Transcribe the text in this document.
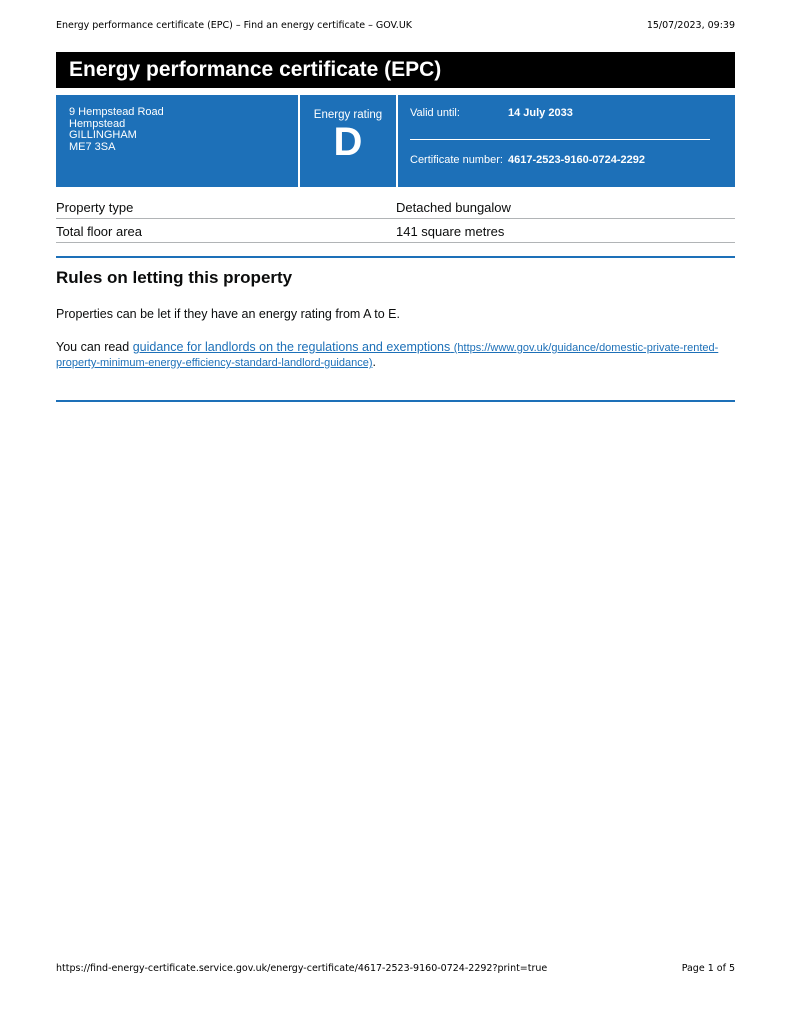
Energy performance certificate (EPC) – Find an energy certificate – GOV.UK	15/07/2023, 09:39
Energy performance certificate (EPC)
9 Hempstead Road
Hempstead
GILLINGHAM
ME7 3SA
Energy rating
D
Valid until:	14 July 2033
Certificate number: 4617-2523-9160-0724-2292
Property type	Detached bungalow
Total floor area	141 square metres
Rules on letting this property
Properties can be let if they have an energy rating from A to E.
You can read guidance for landlords on the regulations and exemptions (https://www.gov.uk/guidance/domestic-private-rented-property-minimum-energy-efficiency-standard-landlord-guidance).
https://find-energy-certificate.service.gov.uk/energy-certificate/4617-2523-9160-0724-2292?print=true	Page 1 of 5
